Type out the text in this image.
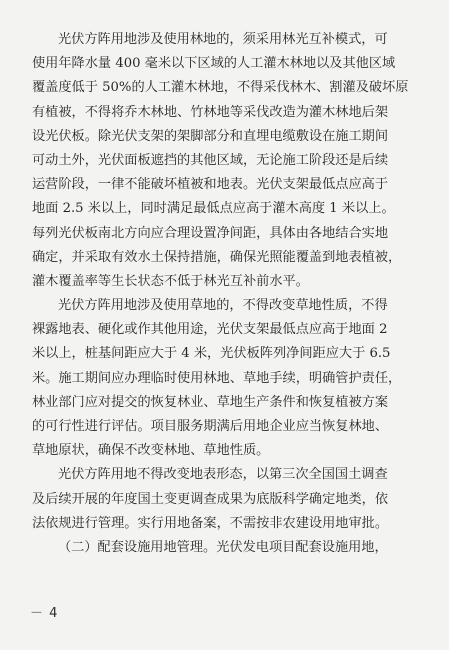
光伏方阵用地涉及使用林地的，须采用林光互补模式，可
使用年降水量 400 毫米以下区域的人工灌木林地以及其他区域
覆盖度低于 50%的人工灌木林地，不得采伐林木、割灌及破坏原
有植被，不得将乔木林地、竹林地等采伐改造为灌木林地后架
设光伏板。除光伏支架的架脚部分和直埋电缆敷设在施工期间
可动土外，光伏面板遮挡的其他区域，无论施工阶段还是后续
运营阶段，一律不能破坏植被和地表。光伏支架最低点应高于
地面 2.5 米以上，同时满足最低点应高于灌木高度 1 米以上。
每列光伏板南北方向应合理设置净间距，具体由各地结合实地
确定，并采取有效水土保持措施，确保光照能覆盖到地表植被，
灌木覆盖率等生长状态不低于林光互补前水平。
光伏方阵用地涉及使用草地的，不得改变草地性质，不得
裸露地表、硬化或作其他用途，光伏支架最低点应高于地面 2
米以上，桩基间距应大于 4 米，光伏板阵列净间距应大于 6.5
米。施工期间应办理临时使用林地、草地手续，明确管护责任，
林业部门应对提交的恢复林业、草地生产条件和恢复植被方案
的可行性进行评估。项目服务期满后用地企业应当恢复林地、
草地原状，确保不改变林地、草地性质。
光伏方阵用地不得改变地表形态，以第三次全国国土调查
及后续开展的年度国土变更调查成果为底版科学确定地类，依
法依规进行管理。实行用地备案，不需按非农建设用地审批。
（二）配套设施用地管理。光伏发电项目配套设施用地，
－ 4
